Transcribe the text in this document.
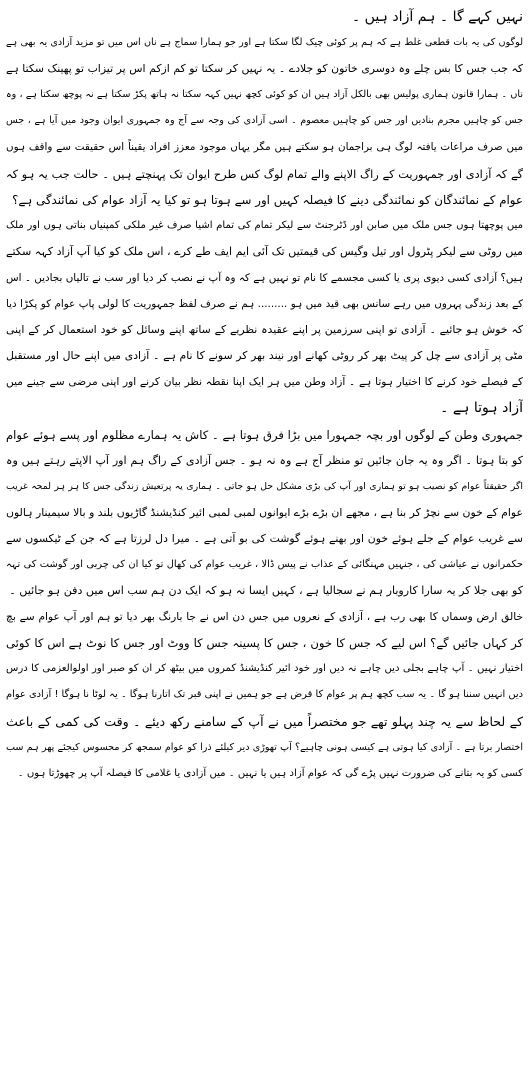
نہیں کہے گا ۔ ہم آزاد ہیں ۔
لوگوں کی یہ بات قطعی غلط ہے کہ ہم پر کوئی چیک لگا سکتا ہے اور جو ہمارا سماج ہے ناں اس میں تو مزید آزادی یہ بھی ہے
کہ جب جس کا بس چلے وہ دوسری خاتون کو جلادے ۔ یہ نہیں کر سکتا تو کم ازکم اس پر تیزاب تو پھینک سکتا ہے
ناں ۔ ہمارا قانون ہماری پولیس بھی بالکل آزاد ہیں ان کو کوئی کچھ نہیں کہہ سکتا نہ ہاتھ پکڑ سکتا ہے نہ پوچھ سکتا ہے ، وہ
جس کو چاہیں مجرم بنادیں اور جس کو چاہیں معصوم ۔ اسی آزادی کی وجہ سے آج وہ جمہوری ایوان وجود میں آیا ہے ، جس
میں صرف مراعات یافتہ لوگ ہی براجمان ہو سکتے ہیں مگر یہاں موجود معزز افراد یقیناً اس حقیقت سے واقف ہوں
گے کہ آزادی اور جمہوریت کے راگ الاپنے والے تمام لوگ کس طرح ایوان تک پہنچتے ہیں ۔ حالت جب یہ ہو کہ
عوام کے نمائندگان کو نمائندگی دینے کا فیصلہ کہیں اور سے ہوتا ہو تو کیا یہ آزاد عوام کی نمائندگی ہے؟
میں پوچھتا ہوں جس ملک میں صابن اور ڈٹرجنٹ سے لیکر تمام کی تمام اشیا صرف غیر ملکی کمپنیاں بناتی ہوں اور ملک
میں روٹی سے لیکر پٹرول اور تیل وگیس کی قیمتیں تک آئی ایم ایف طے کرے ، اس ملک کو کیا آپ آزاد کہہ سکتے
ہیں؟ آزادی کسی دیوی پری یا کسی مجسمے کا نام تو نہیں ہے کہ وہ آپ نے نصب کر دیا اور سب نے تالیاں بجادیں ۔ اس
کے بعد زندگی پہروں میں رہے سانس بھی قید میں ہو ......... ہم نے صرف لفظ جمہوریت کا لولی پاپ عوام کو پکڑا دیا
کہ خوش ہو جائیے ۔ آزادی تو اپنی سرزمین پر اپنے عقیدہ نظریے کے ساتھ اپنے وسائل کو خود استعمال کر کے اپنی
مٹی پر آزادی سے چل کر پیٹ بھر کر روٹی کھانے اور نیند بھر کر سونے کا نام ہے ۔ آزادی میں اپنے حال اور مستقبل
کے فیصلے خود کرنے کا اختیار ہوتا ہے ۔ آزاد وطن میں ہر ایک اپنا نقطہ نظر بیان کرنے اور اپنی مرضی سے جینے میں
آزاد ہوتا ہے ۔
جمہوری وطن کے لوگوں اور بچہ جمہورا میں بڑا فرق ہوتا ہے ۔ کاش یہ ہمارے مظلوم اور پسے ہوئے عوام
کو بتا ہوتا ۔ اگر وہ یہ جان جائیں تو منظر آج ہے وہ نہ ہو ۔ جس آزادی کے راگ ہم اور آپ الاپتے رہتے ہیں وہ
اگر حقیقتاً عوام کو نصیب ہو تو ہماری اور آپ کی بڑی مشکل حل ہو جاتی ۔ ہماری یہ پرتعیش زندگی جس کا ہر ہر لمحہ غریب
عوام کے خون سے نچڑ کر بنا ہے ، مجھے ان بڑے بڑے ایوانوں لمبی لمبی ائیر کنڈیشنڈ گاڑیوں بلند و بالا سیمینار ہالوں
سے غریب عوام کے جلے ہوئے خون اور بھنے ہوئے گوشت کی بو آتی ہے ۔ میرا دل لرزتا ہے کہ جن کے ٹیکسوں سے
حکمرانوں نے عیاشی کی ، جنہیں مہنگائی کے عذاب نے پیس ڈالا ، غریب عوام کی کھال تو کیا ان کی چربی اور گوشت کی تہہ
کو بھی جلا کر یہ سارا کاروبار ہم نے سجالیا ہے ، کہیں ایسا نہ ہو کہ ایک دن ہم سب اس میں دفن ہو جائیں ۔
خالق ارض وسماں کا بھی رب ہے ، آزادی کے نعروں میں جس دن اس نے جا بارنگ بھر دیا تو ہم اور آپ عوام سے بچ
کر کہاں جائیں گے؟ اس لیے کہ جس کا خون ، جس کا پسینہ جس کا ووٹ اور جس کا نوٹ ہے اس کا کوئی
اختیار نہیں ۔ آپ چاہے بجلی دیں چاہے نہ دیں اور خود ائیر کنڈیشنڈ کمروں میں بیٹھ کر ان کو صبر اور اولوالعزمی کا درس
دیں انہیں سننا ہو گا ۔ یہ سب کچھ ہم پر عوام کا قرض ہے جو ہمیں نے اپنی قبر تک اتارنا ہوگا ۔ یہ لوٹا نا ہوگا ! آزادی عوام
کے لحاظ سے یہ چند پہلو تھے جو مختصراً میں نے آپ کے سامنے رکھ دیئے ۔ وقت کی کمی کے باعث
اختصار برتا ہے ۔ آزادی کیا ہوتی ہے کیسی ہونی چاہیے؟ آپ تھوڑی دیر کیلئے ذرا کو عوام سمجھ کر محسوس کیجئے پھر ہم سب
کسی کو یہ بتانے کی ضرورت نہیں پڑے گی کہ عوام آزاد ہیں یا نہیں ۔ میں آزادی یا غلامی کا فیصلہ آپ پر چھوڑتا ہوں ۔
